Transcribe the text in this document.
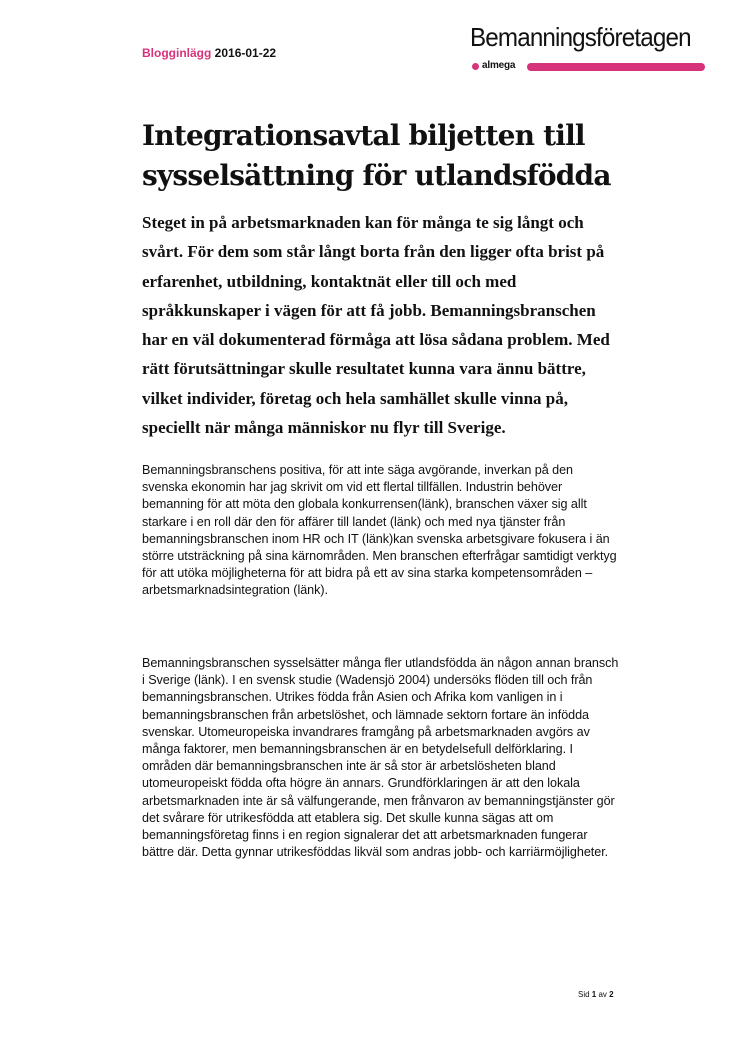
Blogginlägg 2016-01-22
Bemanningsföretagen
almega
Integrationsavtal biljetten till sysselsättning för utlandsfödda

Steget in på arbetsmarknaden kan för många te sig långt och svårt. För dem som står långt borta från den ligger ofta brist på erfarenhet, utbildning, kontaktnät eller till och med språkkunskaper i vägen för att få jobb. Bemanningsbranschen har en väl dokumenterad förmåga att lösa sådana problem. Med rätt förutsättningar skulle resultatet kunna vara ännu bättre, vilket individer, företag och hela samhället skulle vinna på, speciellt när många människor nu flyr till Sverige.

Bemanningsbranschens positiva, för att inte säga avgörande, inverkan på den svenska ekonomin har jag skrivit om vid ett flertal tillfällen. Industrin behöver bemanning för att möta den globala konkurrensen(länk), branschen växer sig allt starkare i en roll där den för affärer till landet (länk) och med nya tjänster från bemanningsbranschen inom HR och IT (länk)kan svenska arbetsgivare fokusera i än större utsträckning på sina kärnområden. Men branschen efterfrågar samtidigt verktyg för att utöka möjligheterna för att bidra på ett av sina starka kompetensområden – arbetsmarknadsintegration (länk).

Bemanningsbranschen sysselsätter många fler utlandsfödda än någon annan bransch i Sverige (länk). I en svensk studie (Wadensjö 2004) undersöks flöden till och från bemanningsbranschen. Utrikes födda från Asien och Afrika kom vanligen in i bemanningsbranschen från arbetslöshet, och lämnade sektorn fortare än infödda svenskar. Utomeuropeiska invandrares framgång på arbetsmarknaden avgörs av många faktorer, men bemanningsbranschen är en betydelsefull delförklaring. I områden där bemanningsbranschen inte är så stor är arbetslösheten bland utomeuropeiskt födda ofta högre än annars. Grundförklaringen är att den lokala arbetsmarknaden inte är så välfungerande, men frånvaron av bemanningstjänster gör det svårare för utrikesfödda att etablera sig. Det skulle kunna sägas att om bemanningsföretag finns i en region signalerar det att arbetsmarknaden fungerar bättre där. Detta gynnar utrikesföddas likväl som andras jobb- och karriärmöjligheter.

Sid 1 av 2
